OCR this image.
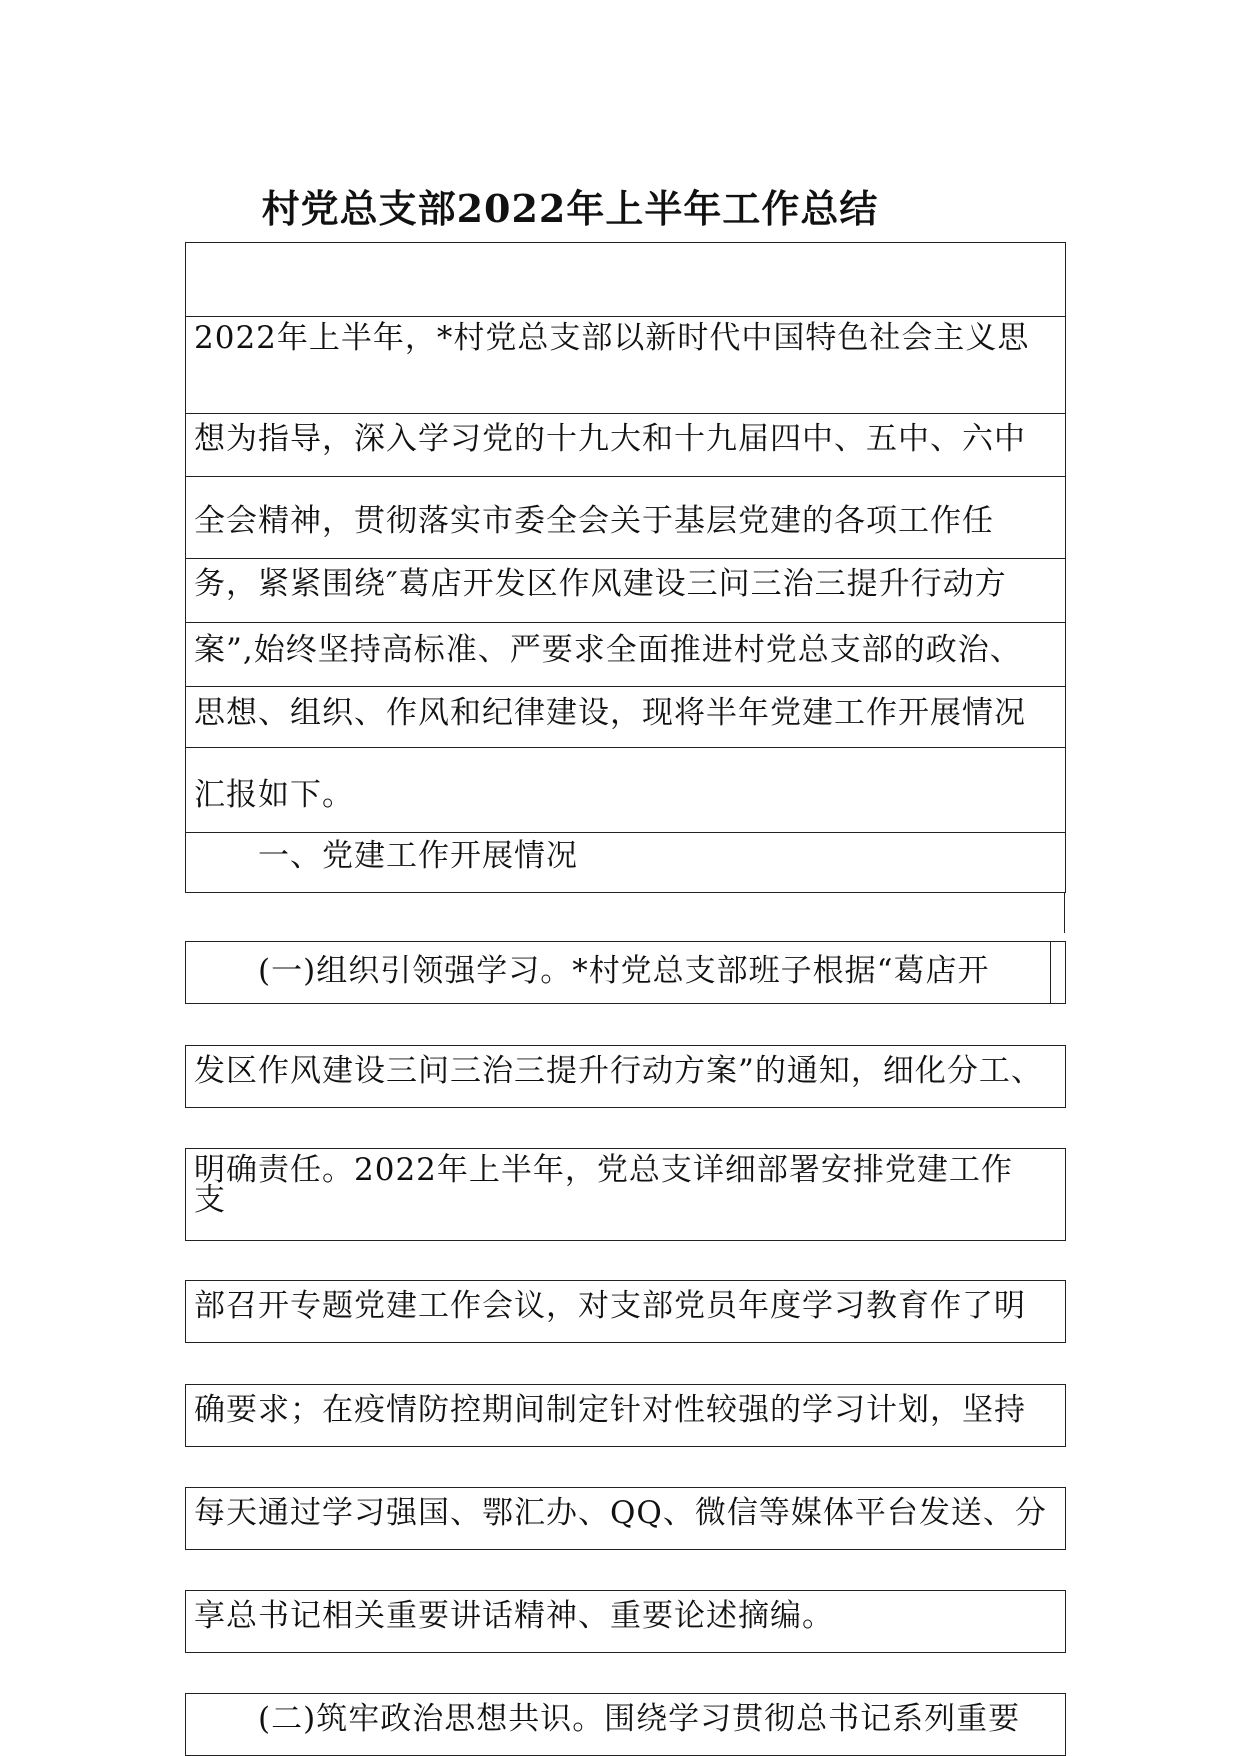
村党总支部2022年上半年工作总结
2022年上半年，*村党总支部以新时代中国特色社会主义思
想为指导，深入学习党的十九大和十九届四中、五中、六中
全会精神，贯彻落实市委全会关于基层党建的各项工作任
务，紧紧围绕″葛店开发区作风建设三问三治三提升行动方
案”,始终坚持高标准、严要求全面推进村党总支部的政治、
思想、组织、作风和纪律建设，现将半年党建工作开展情况
汇报如下。
一、党建工作开展情况
(一)组织引领强学习。*村党总支部班子根据“葛店开
发区作风建设三问三治三提升行动方案”的通知，细化分工、
明确责任。2022年上半年，党总支详细部署安排党建工作支
部召开专题党建工作会议，对支部党员年度学习教育作了明
确要求；在疫情防控期间制定针对性较强的学习计划，坚持
每天通过学习强国、鄂汇办、QQ、微信等媒体平台发送、分
享总书记相关重要讲话精神、重要论述摘编。
(二)筑牢政治思想共识。围绕学习贯彻总书记系列重要
